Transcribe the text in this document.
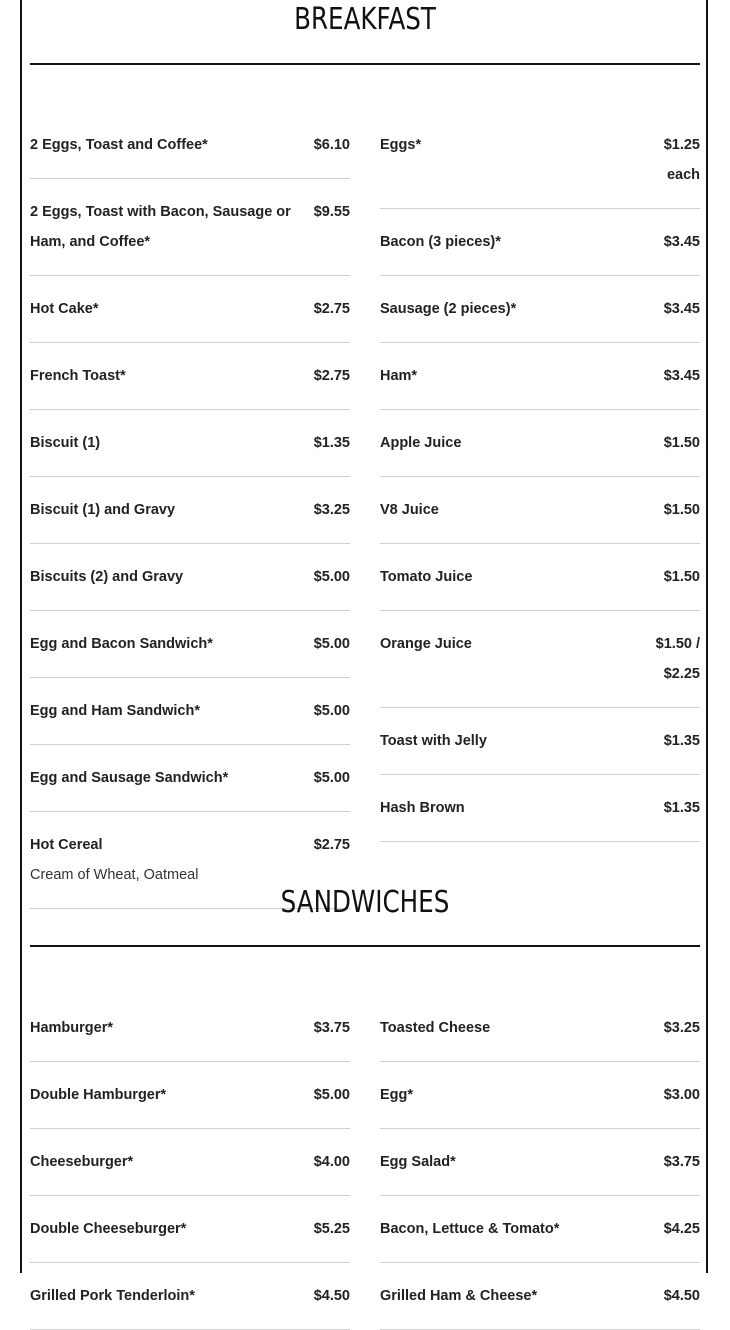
BREAKFAST
2 Eggs, Toast and Coffee*	$6.10
2 Eggs, Toast with Bacon, Sausage or Ham, and Coffee*
$9.55
Hot Cake*	$2.75
French Toast*	$2.75
Biscuit (1)	$1.35
Biscuit (1) and Gravy	$3.25
Biscuits (2) and Gravy	$5.00
Egg and Bacon Sandwich*	$5.00
Egg and Ham Sandwich*	$5.00
Egg and Sausage Sandwich*	$5.00
Hot Cereal	$2.75
Cream of Wheat, Oatmeal
Eggs*	$1.25
each
Bacon (3 pieces)*	$3.45
Sausage (2 pieces)*	$3.45
Ham*	$3.45
Apple Juice	$1.50
V8 Juice	$1.50
Tomato Juice	$1.50
Orange Juice	$1.50 /
$2.25
Toast with Jelly	$1.35
Hash Brown	$1.35
SANDWICHES
Hamburger*	$3.75
Double Hamburger*	$5.00
Cheeseburger*	$4.00
Double Cheeseburger*	$5.25
Grilled Pork Tenderloin*	$4.50
Toasted Cheese	$3.25
Egg*	$3.00
Egg Salad*	$3.75
Bacon, Lettuce & Tomato*	$4.25
Grilled Ham & Cheese*	$4.50
